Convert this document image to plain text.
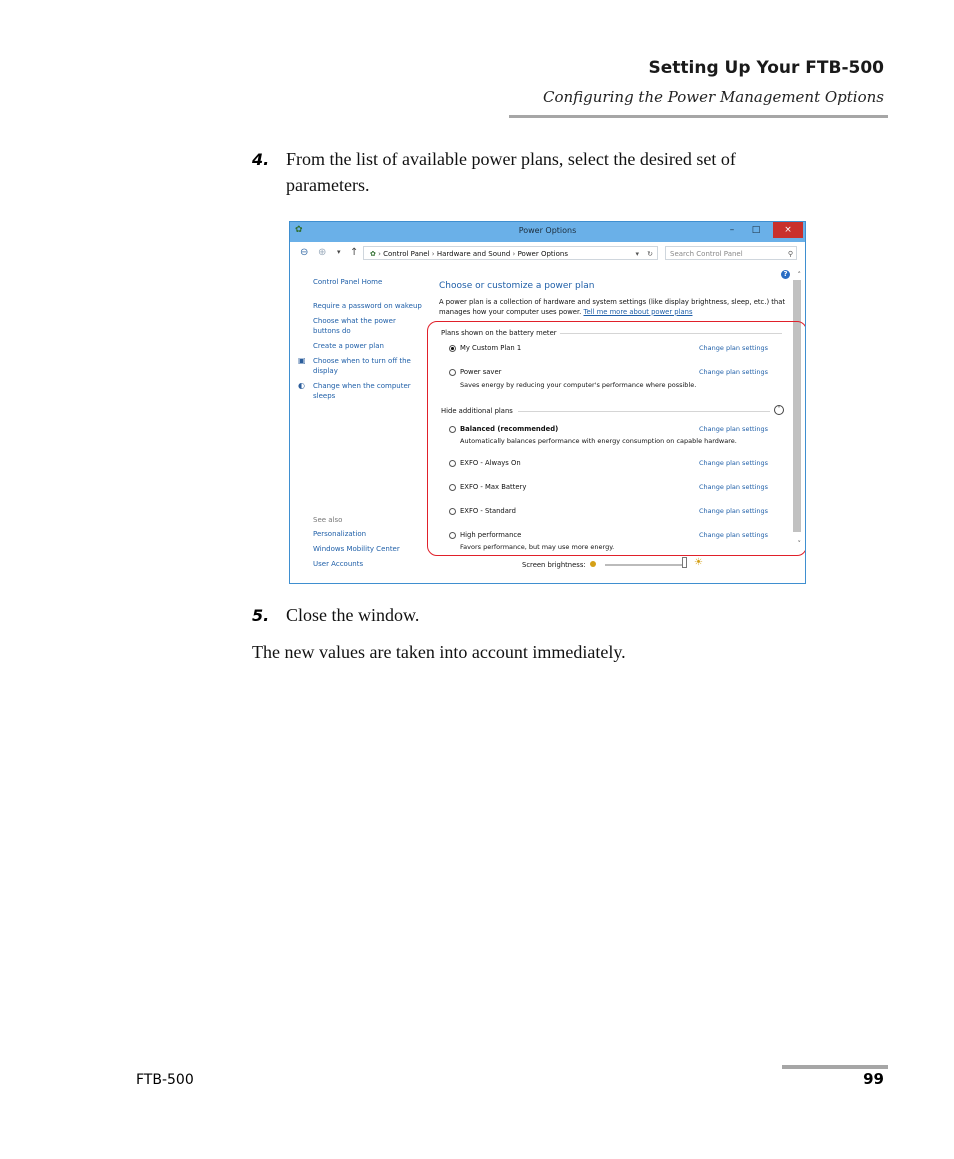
Setting Up Your FTB-500
Configuring the Power Management Options
4. From the list of available power plans, select the desired set of
parameters.
✿	Power Options	–	□	×
⊖ ⊕ ▾ ↑	✿ › Control Panel › Hardware and Sound › Power Options	▾ ↻	Search Control Panel	⚲
Control Panel Home
Require a password on wakeup
Choose what the power buttons do
Create a power plan
▣ Choose when to turn off the display
◐ Change when the computer sleeps
See also
Personalization
Windows Mobility Center
User Accounts
Choose or customize a power plan
A power plan is a collection of hardware and system settings (like display brightness, sleep, etc.) that manages how your computer uses power. Tell me more about power plans
?	˄
˅
Plans shown on the battery meter
My Custom Plan 1	Change plan settings
Power saver	Change plan settings
Saves energy by reducing your computer's performance where possible.
Hide additional plans	˄
Balanced (recommended)	Change plan settings
Automatically balances performance with energy consumption on capable hardware.
EXFO - Always On	Change plan settings
EXFO - Max Battery	Change plan settings
EXFO - Standard	Change plan settings
High performance	Change plan settings
Favors performance, but may use more energy.
Screen brightness:	☀
5. Close the window.
The new values are taken into account immediately.
FTB-500	99
